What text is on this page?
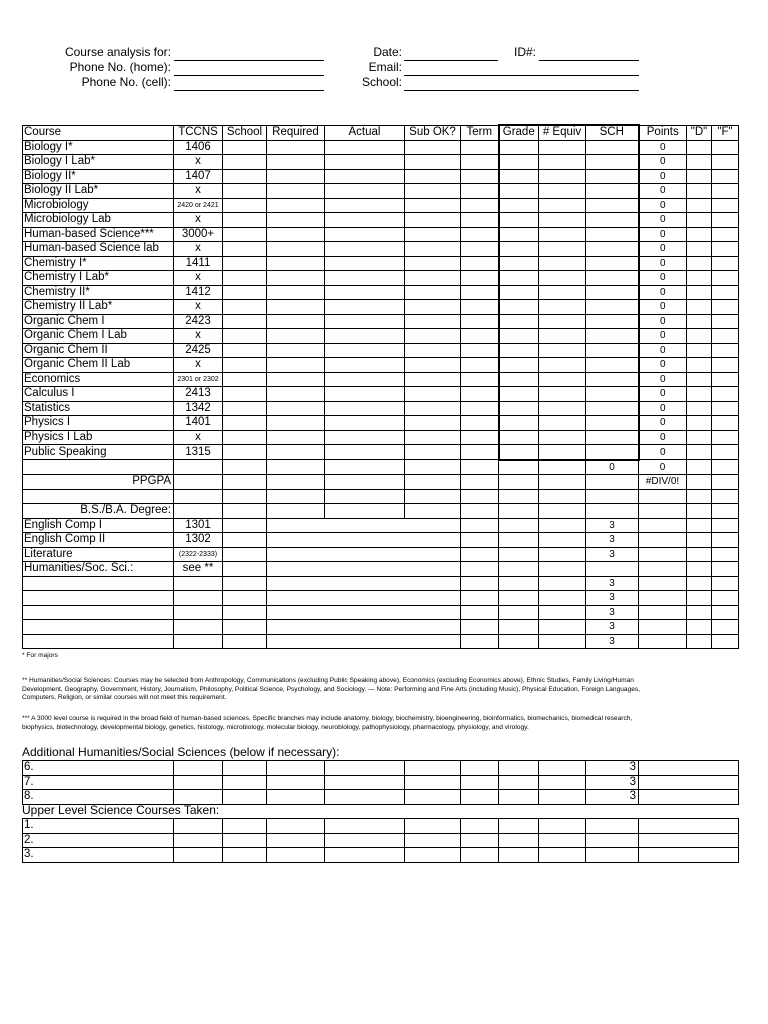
Course analysis for:
Phone No. (home):
Phone No. (cell):
Date:	ID#:
Email:
School:
Course	TCCNS	School	Required	Actual	Sub OK?	Term	Grade	# Equiv	SCH	Points	"D"	"F"
Biology I*	1406									0		
Biology I Lab*	x									0		
Biology II*	1407									0		
Biology II Lab*	x									0		
Microbiology	2420 or 2421									0		
Microbiology Lab	x									0		
Human-based Science***	3000+									0		
Human-based Science lab	x									0		
Chemistry I*	1411									0		
Chemistry I Lab*	x									0		
Chemistry II*	1412									0		
Chemistry II Lab*	x									0		
Organic Chem I	2423									0		
Organic Chem I Lab	x									0		
Organic Chem II	2425									0		
Organic Chem II Lab	x									0		
Economics	2301 or 2302									0		
Calculus I	2413									0		
Statistics	1342									0		
Physics I	1401									0		
Physics I Lab	x									0		
Public Speaking	1315									0		
									0	0		
PPGPA										#DIV/0!		

B.S./B.A. Degree:												
English Comp I	1301								3			
English Comp II	1302								3			
Literature	(2322-2333)								3			
Humanities/Soc. Sci.:	see **											
									3			
									3			
									3			
									3			
									3			
* For majors
** Humanities/Social Sciences: Courses may be selected from Anthropology, Communications (excluding Public Speaking above), Economics (excluding Economics above), Ethnic Studies, Family Living/Human Development, Geography, Government, History, Journalism, Philosophy, Political Science, Psychology, and Sociology. — Note: Performing and Fine Arts (including Music), Physical Education, Foreign Languages, Computers, Religion, or similar courses will not meet this requirement.
*** A 3000 level course is required in the broad field of human-based sciences. Specific branches may include anatomy, biology, biochemistry, bioengineering, bioinformatics, biomechanics, biomedical research, biophysics, biotechnology, developmental biology, genetics, histology, microbiology, molecular biology, neurobiology, pathophysiology, pharmacology, physiology, and virology.
Additional Humanities/Social Sciences (below if necessary):
6.									3	
7.									3	
8.									3	
Upper Level Science Courses Taken:
1.										
2.										
3.										
